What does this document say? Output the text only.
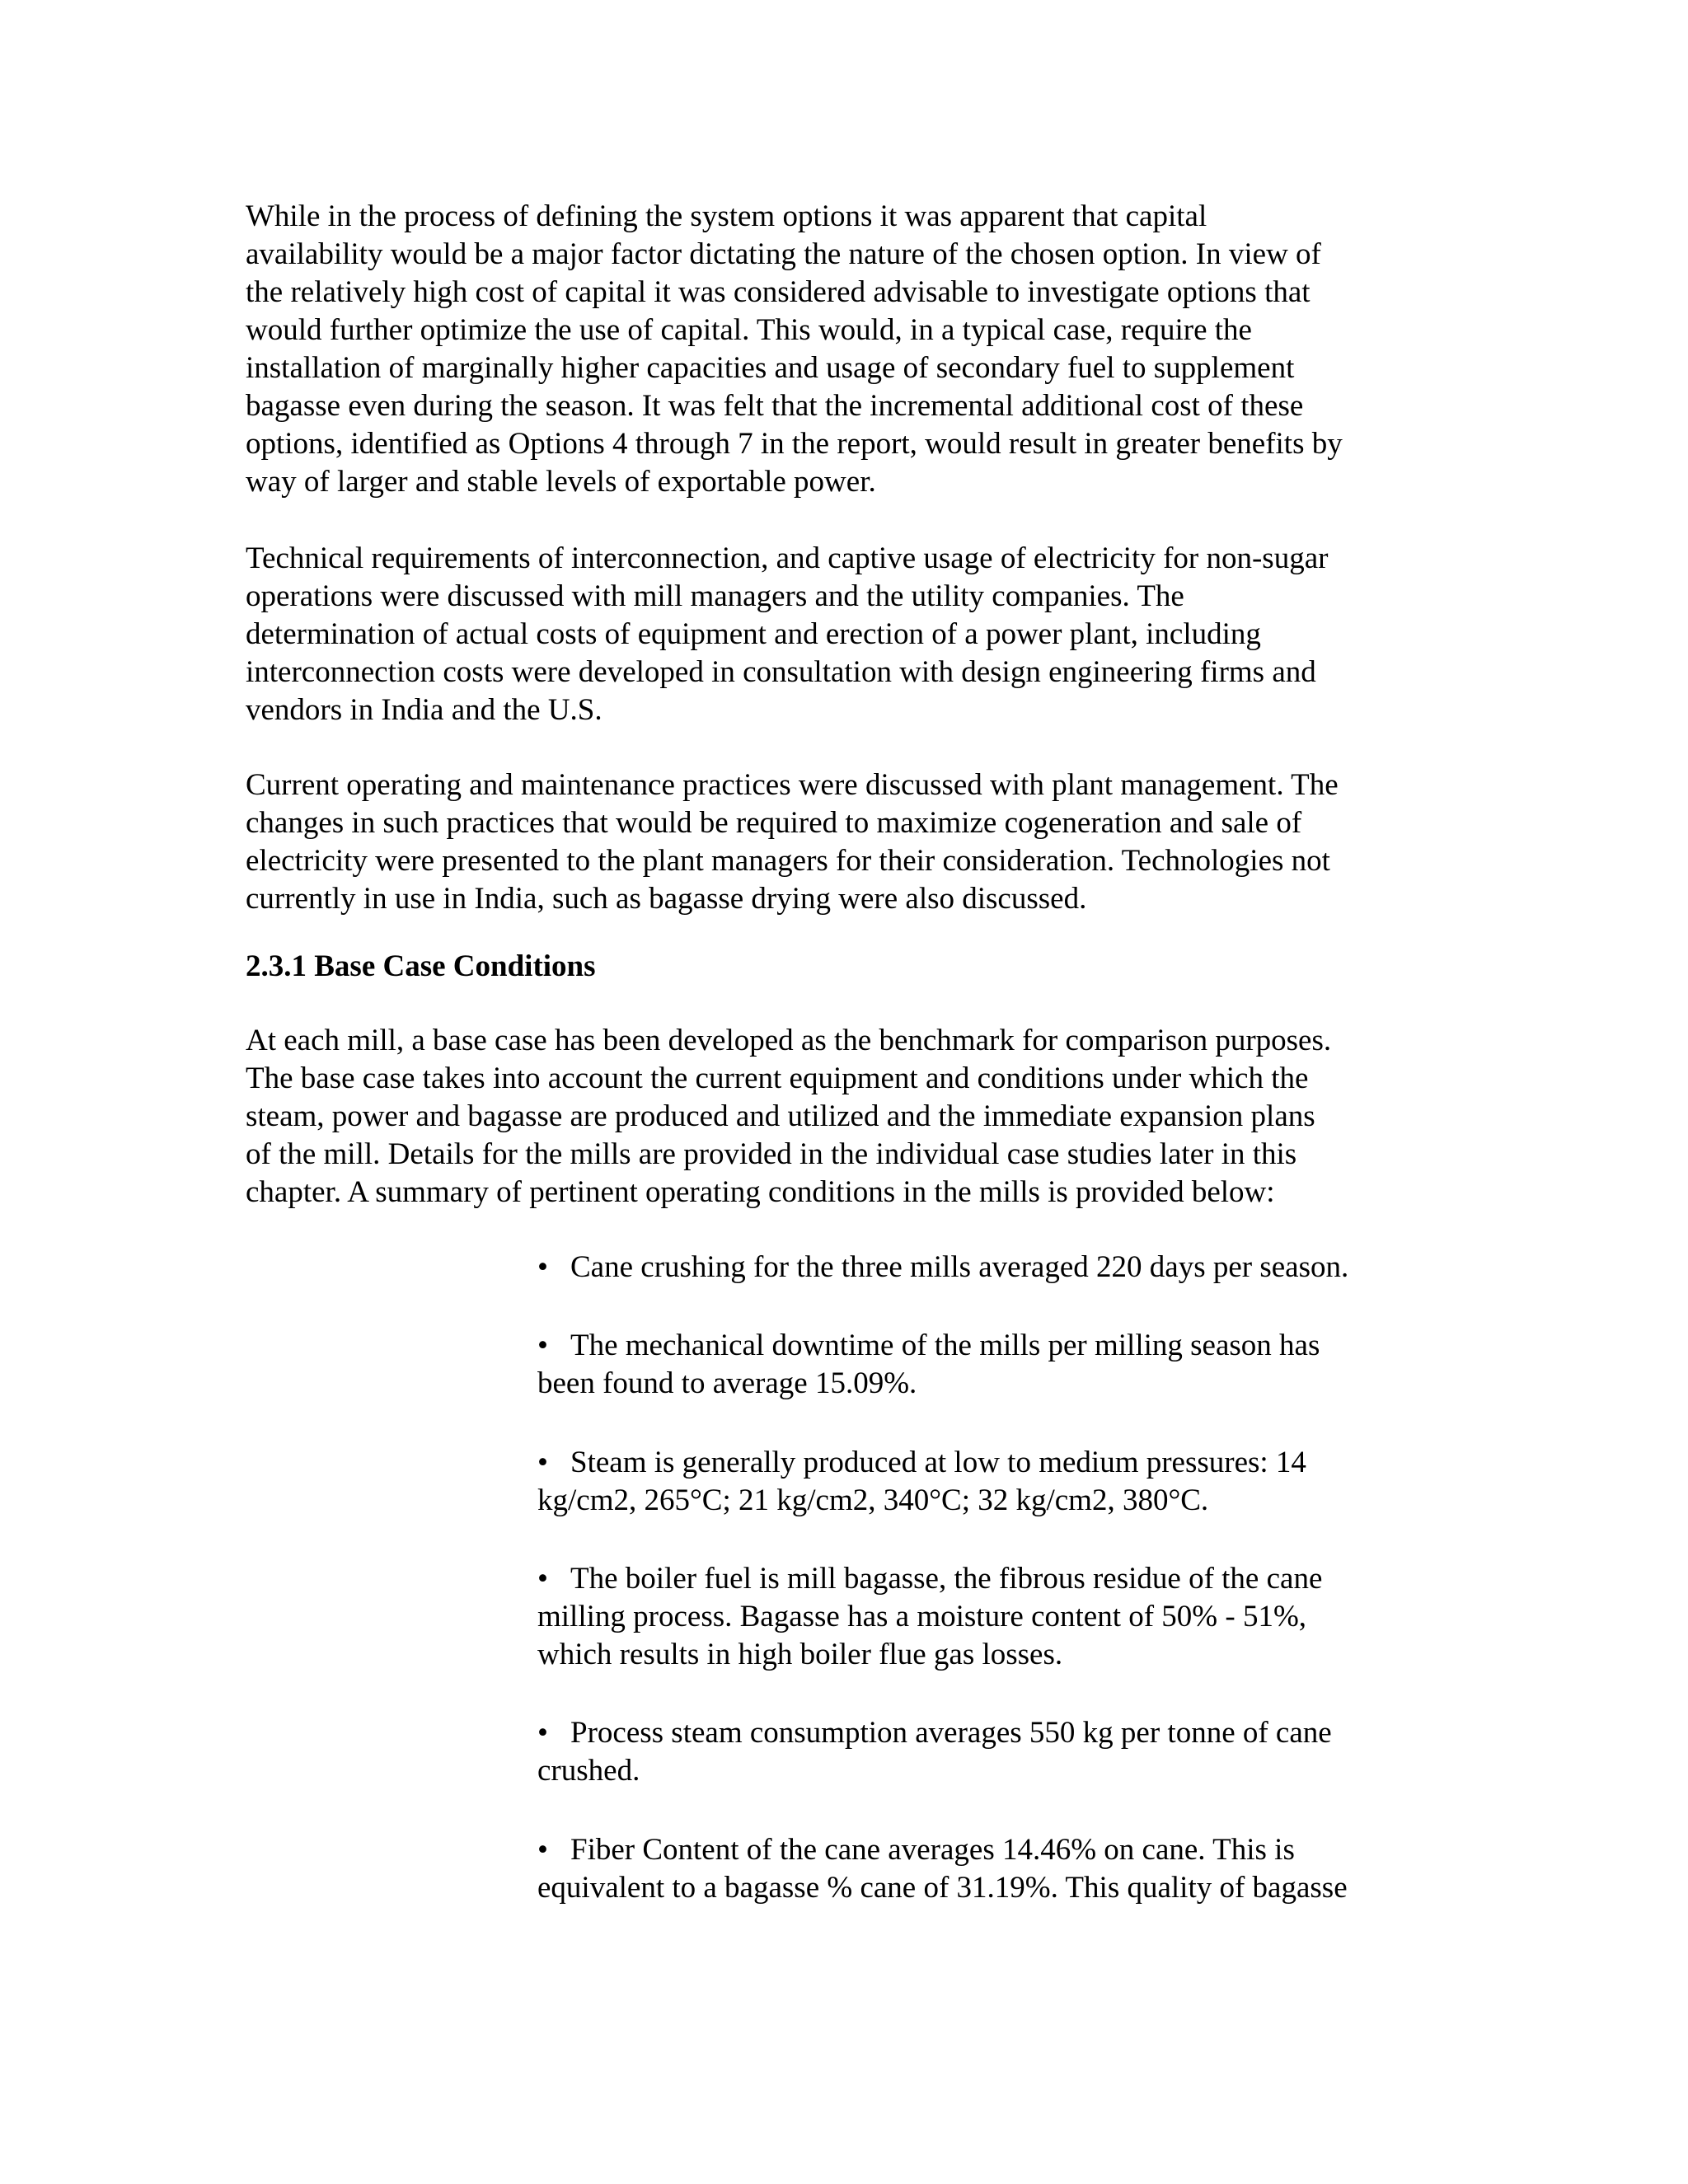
While in the process of defining the system options it was apparent that capital
availability would be a major factor dictating the nature of the chosen option. In view of
the relatively high cost of capital it was considered advisable to investigate options that
would further optimize the use of capital. This would, in a typical case, require the
installation of marginally higher capacities and usage of secondary fuel to supplement
bagasse even during the season. It was felt that the incremental additional cost of these
options, identified as Options 4 through 7 in the report, would result in greater benefits by
way of larger and stable levels of exportable power.

Technical requirements of interconnection, and captive usage of electricity for non-sugar
operations were discussed with mill managers and the utility companies. The
determination of actual costs of equipment and erection of a power plant, including
interconnection costs were developed in consultation with design engineering firms and
vendors in India and the U.S.

Current operating and maintenance practices were discussed with plant management. The
changes in such practices that would be required to maximize cogeneration and sale of
electricity were presented to the plant managers for their consideration. Technologies not
currently in use in India, such as bagasse drying were also discussed.

2.3.1 Base Case Conditions

At each mill, a base case has been developed as the benchmark for comparison purposes.
The base case takes into account the current equipment and conditions under which the
steam, power and bagasse are produced and utilized and the immediate expansion plans
of the mill. Details for the mills are provided in the individual case studies later in this
chapter. A summary of pertinent operating conditions in the mills is provided below:

• Cane crushing for the three mills averaged 220 days per season.
• The mechanical downtime of the mills per milling season has
been found to average 15.09%.
• Steam is generally produced at low to medium pressures: 14
kg/cm2, 265°C; 21 kg/cm2, 340°C; 32 kg/cm2, 380°C.
• The boiler fuel is mill bagasse, the fibrous residue of the cane
milling process. Bagasse has a moisture content of 50% - 51%,
which results in high boiler flue gas losses.
• Process steam consumption averages 550 kg per tonne of cane
crushed.
• Fiber Content of the cane averages 14.46% on cane. This is
equivalent to a bagasse % cane of 31.19%. This quality of bagasse
